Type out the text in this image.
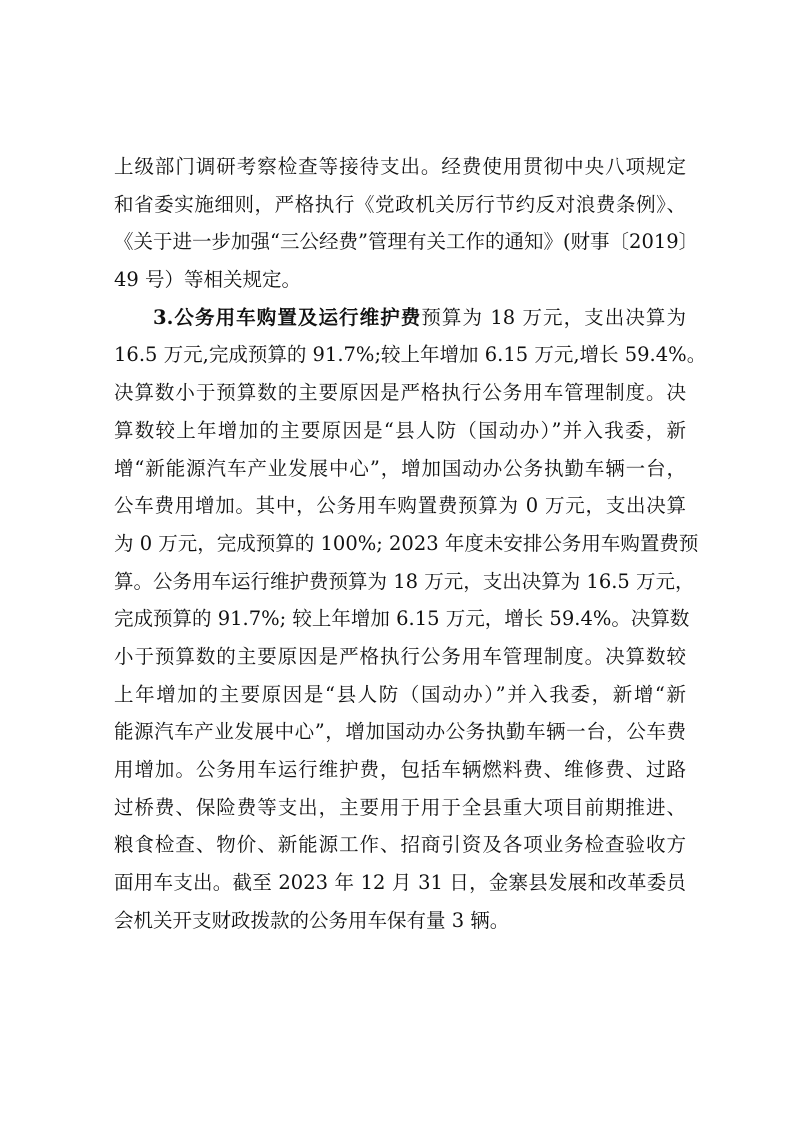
上级部门调研考察检查等接待支出。经费使用贯彻中央八项规定
和省委实施细则，严格执行《党政机关厉行节约反对浪费条例》、
《关于进一步加强“三公经费”管理有关工作的通知》(财事〔2019〕
49 号）等相关规定。
3.公务用车购置及运行维护费预算为 18 万元，支出决算为
16.5 万元,完成预算的 91.7%;较上年增加 6.15 万元,增长 59.4%。
决算数小于预算数的主要原因是严格执行公务用车管理制度。决
算数较上年增加的主要原因是“县人防（国动办）”并入我委，新
增“新能源汽车产业发展中心”，增加国动办公务执勤车辆一台，
公车费用增加。其中，公务用车购置费预算为 0 万元，支出决算
为 0 万元，完成预算的 100%; 2023 年度未安排公务用车购置费预
算。公务用车运行维护费预算为 18 万元，支出决算为 16.5 万元，
完成预算的 91.7%; 较上年增加 6.15 万元，增长 59.4%。决算数
小于预算数的主要原因是严格执行公务用车管理制度。决算数较
上年增加的主要原因是“县人防（国动办）”并入我委，新增“新
能源汽车产业发展中心”，增加国动办公务执勤车辆一台，公车费
用增加。公务用车运行维护费，包括车辆燃料费、维修费、过路
过桥费、保险费等支出，主要用于用于全县重大项目前期推进、
粮食检查、物价、新能源工作、招商引资及各项业务检查验收方
面用车支出。截至 2023 年 12 月 31 日，金寨县发展和改革委员
会机关开支财政拨款的公务用车保有量 3 辆。
